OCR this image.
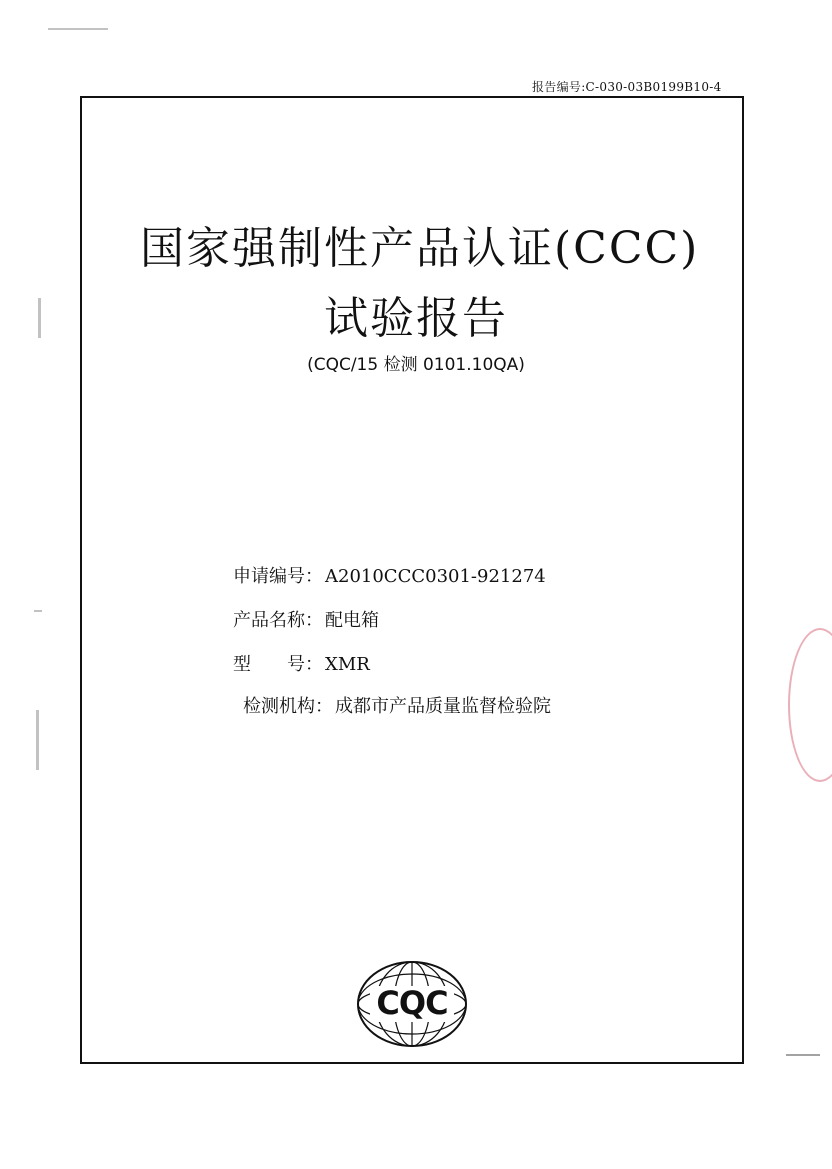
报告编号:C-030-03B0199B10-4
国家强制性产品认证(CCC)
试验报告
(CQC/15 检测 0101.10QA)
申请编号： A2010CCC0301-921274
产品名称： 配电箱
型　　号： XMR
检测机构： 成都市产品质量监督检验院
CQC
